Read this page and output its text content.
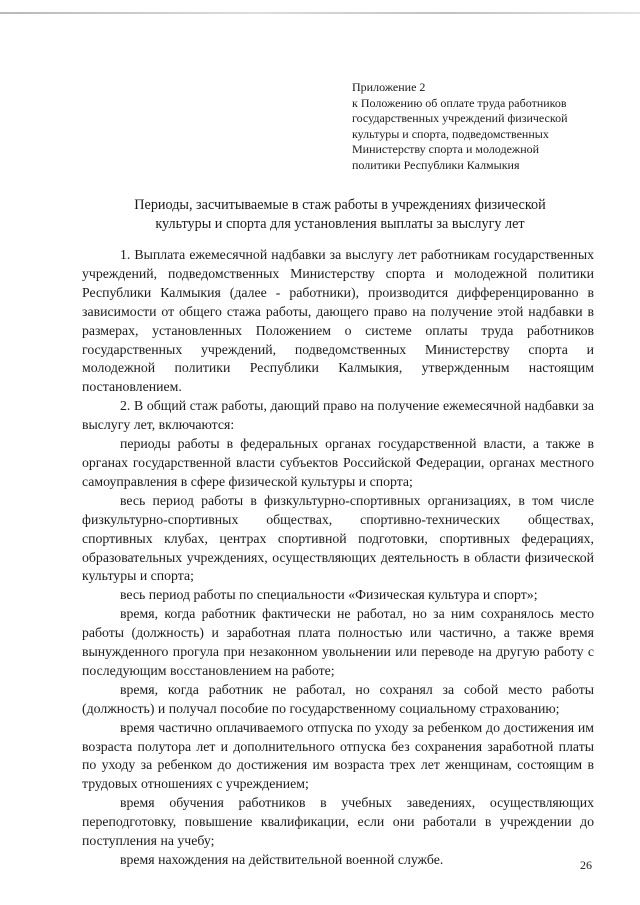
Приложение 2
к Положению об оплате труда работников
государственных учреждений физической
культуры и спорта, подведомственных
Министерству спорта и молодежной
политики Республики Калмыкия
Периоды, засчитываемые в стаж работы в учреждениях физической
культуры и спорта для установления выплаты за выслугу лет

1. Выплата ежемесячной надбавки за выслугу лет работникам государственных учреждений, подведомственных Министерству спорта и молодежной политики Республики Калмыкия (далее - работники), производится дифференцированно в зависимости от общего стажа работы, дающего право на получение этой надбавки в размерах, установленных Положением о системе оплаты труда работников государственных учреждений, подведомственных Министерству спорта и молодежной политики Республики Калмыкия, утвержденным настоящим постановлением.

2. В общий стаж работы, дающий право на получение ежемесячной надбавки за выслугу лет, включаются:

периоды работы в федеральных органах государственной власти, а также в органах государственной власти субъектов Российской Федерации, органах местного самоуправления в сфере физической культуры и спорта;

весь период работы в физкультурно-спортивных организациях, в том числе физкультурно-спортивных обществах, спортивно-технических обществах, спортивных клубах, центрах спортивной подготовки, спортивных федерациях, образовательных учреждениях, осуществляющих деятельность в области физической культуры и спорта;

весь период работы по специальности «Физическая культура и спорт»;

время, когда работник фактически не работал, но за ним сохранялось место работы (должность) и заработная плата полностью или частично, а также время вынужденного прогула при незаконном увольнении или переводе на другую работу с последующим восстановлением на работе;

время, когда работник не работал, но сохранял за собой место работы (должность) и получал пособие по государственному социальному страхованию;

время частично оплачиваемого отпуска по уходу за ребенком до достижения им возраста полутора лет и дополнительного отпуска без сохранения заработной платы по уходу за ребенком до достижения им возраста трех лет женщинам, состоящим в трудовых отношениях с учреждением;

время обучения работников в учебных заведениях, осуществляющих переподготовку, повышение квалификации, если они работали в учреждении до поступления на учебу;

время нахождения на действительной военной службе.	26
